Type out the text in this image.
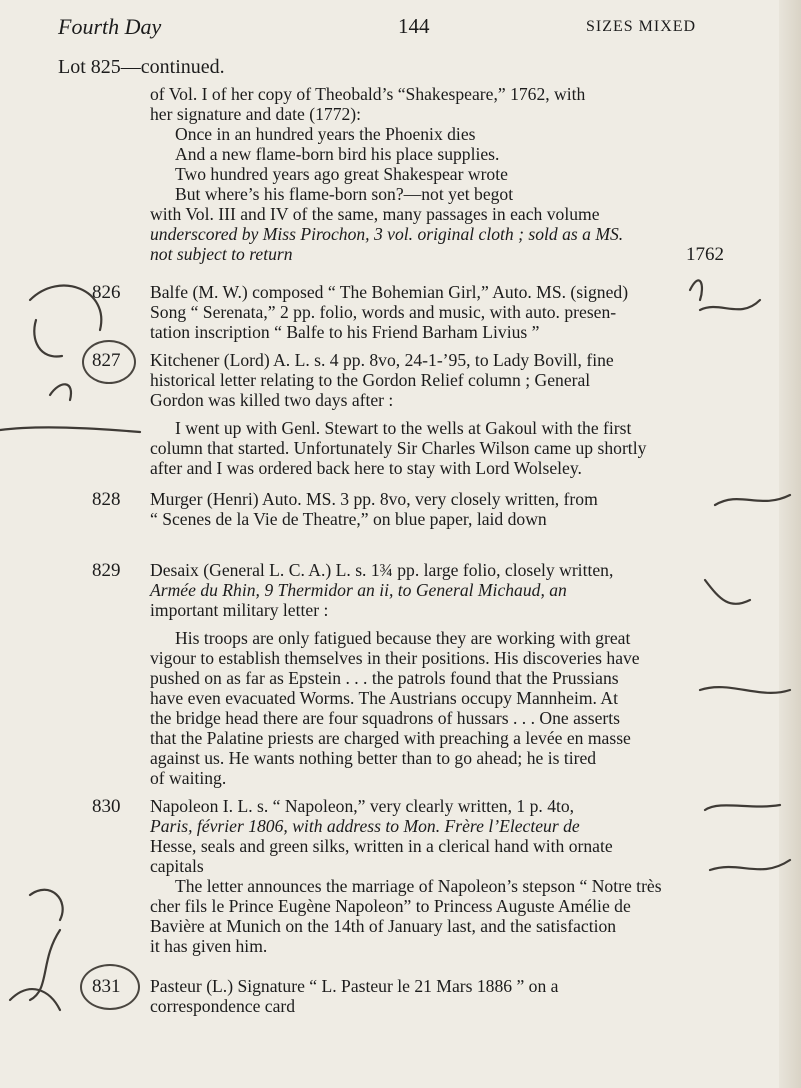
Fourth Day	144	SIZES MIXED
Lot 825—continued.

of Vol. I of her copy of Theobald’s “Shakespeare,” 1762, with

her signature and date (1772):

Once in an hundred years the Phoenix dies

And a new flame-born bird his place supplies.

Two hundred years ago great Shakespear wrote

But where’s his flame-born son?—not yet begot

with Vol. III and IV of the same, many passages in each volume

underscored by Miss Pirochon, 3 vol. original cloth ; sold as a MS.

not subject to return	1762
826 Balfe (M. W.) composed “ The Bohemian Girl,” Auto. MS. (signed)

Song “ Serenata,” 2 pp. folio, words and music, with auto. presen-

tation inscription “ Balfe to his Friend Barham Livius ”

827 Kitchener (Lord) A. L. s. 4 pp. 8vo, 24-1-’95, to Lady Bovill, fine

historical letter relating to the Gordon Relief column ; General

Gordon was killed two days after :

I went up with Genl. Stewart to the wells at Gakoul with the first

column that started. Unfortunately Sir Charles Wilson came up shortly

after and I was ordered back here to stay with Lord Wolseley.

828 Murger (Henri) Auto. MS. 3 pp. 8vo, very closely written, from

“ Scenes de la Vie de Theatre,” on blue paper, laid down

829 Desaix (General L. C. A.) L. s. 1¾ pp. large folio, closely written,

Armée du Rhin, 9 Thermidor an ii, to General Michaud, an

important military letter :

His troops are only fatigued because they are working with great

vigour to establish themselves in their positions. His discoveries have

pushed on as far as Epstein . . . the patrols found that the Prussians

have even evacuated Worms. The Austrians occupy Mannheim. At

the bridge head there are four squadrons of hussars . . . One asserts

that the Palatine priests are charged with preaching a levée en masse

against us. He wants nothing better than to go ahead; he is tired

of waiting.

830 Napoleon I. L. s. “ Napoleon,” very clearly written, 1 p. 4to,

Paris, février 1806, with address to Mon. Frère l’Electeur de

Hesse, seals and green silks, written in a clerical hand with ornate

capitals

The letter announces the marriage of Napoleon’s stepson “ Notre très

cher fils le Prince Eugène Napoleon” to Princess Auguste Amélie de

Bavière at Munich on the 14th of January last, and the satisfaction

it has given him.

831 Pasteur (L.) Signature “ L. Pasteur le 21 Mars 1886 ” on a

correspondence card
